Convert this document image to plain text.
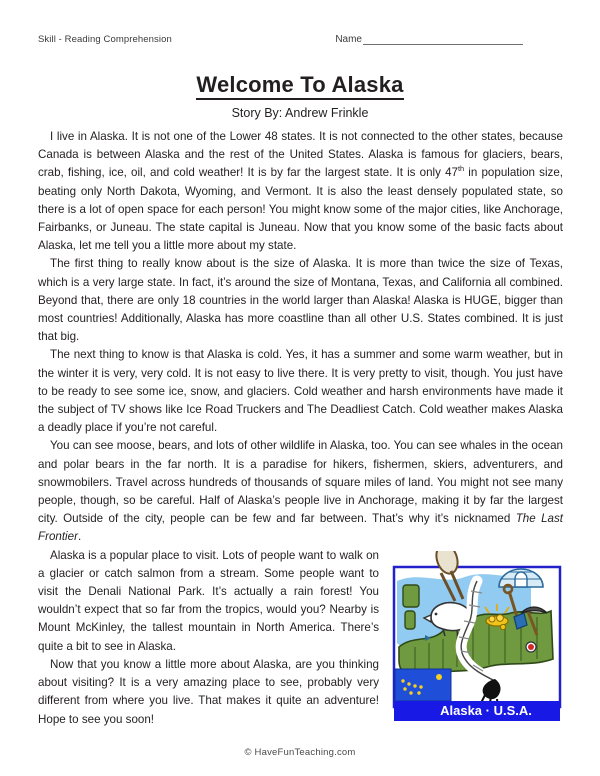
Skill - Reading Comprehension	Name
Welcome To Alaska
Story By: Andrew Frinkle

I live in Alaska. It is not one of the Lower 48 states. It is not connected to the other states, because Canada is between Alaska and the rest of the United States. Alaska is famous for glaciers, bears, crab, fishing, ice, oil, and cold weather! It is by far the largest state. It is only 47th in population size, beating only North Dakota, Wyoming, and Vermont. It is also the least densely populated state, so there is a lot of open space for each person! You might know some of the major cities, like Anchorage, Fairbanks, or Juneau. The state capital is Juneau. Now that you know some of the basic facts about Alaska, let me tell you a little more about my state.

The first thing to really know about is the size of Alaska. It is more than twice the size of Texas, which is a very large state. In fact, it’s around the size of Montana, Texas, and California all combined. Beyond that, there are only 18 countries in the world larger than Alaska! Alaska is HUGE, bigger than most countries! Additionally, Alaska has more coastline than all other U.S. States combined. It is just that big.

The next thing to know is that Alaska is cold. Yes, it has a summer and some warm weather, but in the winter it is very, very cold. It is not easy to live there. It is very pretty to visit, though. You just have to be ready to see some ice, snow, and glaciers. Cold weather and harsh environments have made it the subject of TV shows like Ice Road Truckers and The Deadliest Catch. Cold weather makes Alaska a deadly place if you’re not careful.

You can see moose, bears, and lots of other wildlife in Alaska, too. You can see whales in the ocean and polar bears in the far north. It is a paradise for hikers, fishermen, skiers, adventurers, and snowmobilers. Travel across hundreds of thousands of square miles of land. You might not see many people, though, so be careful. Half of Alaska’s people live in Anchorage, making it by far the largest city. Outside of the city, people can be few and far between. That’s why it’s nicknamed The Last Frontier.

Alaska · U.S.A.

Alaska is a popular place to visit. Lots of people want to walk on a glacier or catch salmon from a stream. Some people want to visit the Denali National Park. It’s actually a rain forest! You wouldn’t expect that so far from the tropics, would you? Nearby is Mount McKinley, the tallest mountain in North America. There’s quite a bit to see in Alaska.

Now that you know a little more about Alaska, are you thinking about visiting? It is a very amazing place to see, probably very different from where you live. That makes it quite an adventure! Hope to see you soon!

© HaveFunTeaching.com
